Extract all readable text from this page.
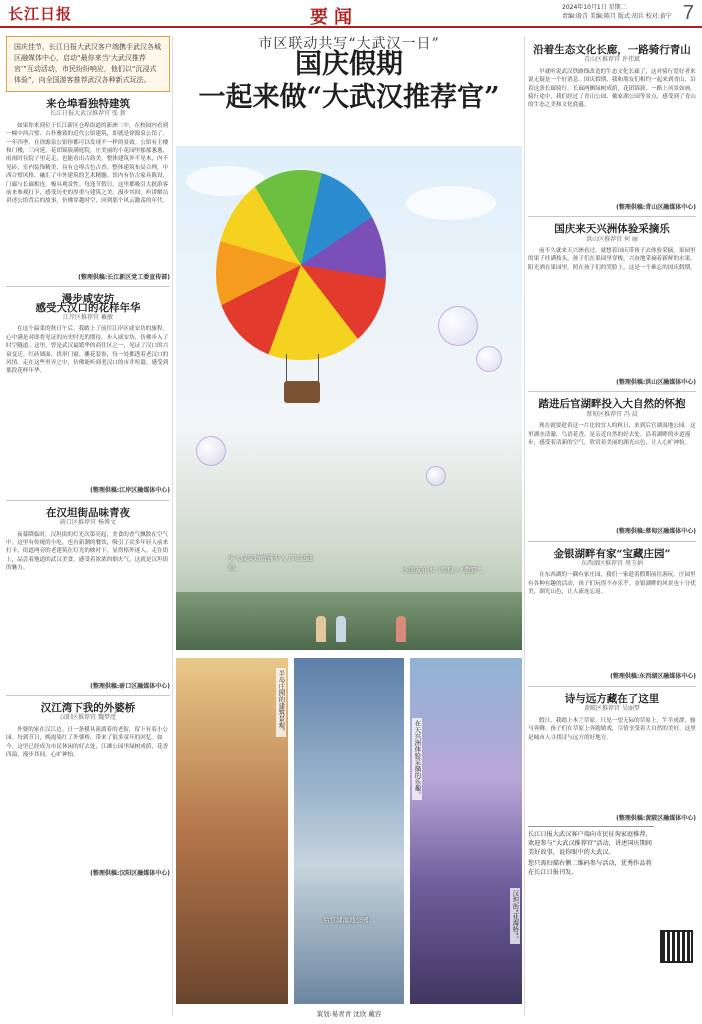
长江日报	要闻	2024年10月1日 星期二
责编:殷青 美编:陈月 版式:胡兵 校对:黄宁 7
国庆佳节，长江日报大武汉客户端携手武汉各城区融媒体中心，启动“最你来当‘大武汉推荐官’”互动活动，市民纷纷响应，他们以“沉浸式体验”，向全国游客推荐武汉各种新式玩法。
来仓埠看独特建筑
长江日报大武汉推荐官 张 新
如果你来到位于长江新区仓埠街道的新洲二中，在校园内看到一幢中西合璧、古朴雅致的近代公馆建筑，即就是徐源泉公馆了。一年四季，在徐源泉公馆你都可以发现不一样的景致。公馆有主楼和门楼，三向延，花团锦簇满庭院。庄美丽的小花园里郁郁葱葱，雨雨时在院子里走走，也能看出古韵美。整体建筑外不见木，内不见砖，室内装饰精美，具有仓埠古色古香。整体建筑布局合理，中西合璧风格，融汇了中外建筑的艺术精髓。馆内有仿古家具陈设，门廊与长廊相连，极具观赏性。每逢节假日，这里都吸引大批游客前来参观打卡，感受历史的厚重与建筑之美。漫步其间，听讲解员讲述公馆背后的故事，仿佛穿越时空，回到那个风云激荡的年代。
(整理供稿:长江新区党工委宣传部)
漫步咸安坊
感受大汉口的花样年华
江岸区推荐官 戴敏
在这个温柔的秋日午后，我踏上了前往江岸区咸安坊的旅程。心中满是对即将见证的历史时光的期待。步入咸安坊，仿佛步入了时空隧道。这里，曾是武汉最繁华的商住区之一，见证了汉口的兴衰变迁。红砖墙面、拱形门窗、雕花装饰，每一处都透着老汉口的风情。走在这些里弄之中，仿佛能听到老汉口的市井喧嚣，感受到那段花样年华。
(整理供稿:江岸区融媒体中心)
在汉坦街品味青夜
硚口区推荐官 杨博文
夜幕降临时，汉坦街的灯光次第亮起，美食的香气飘散在空气中。这里有传统的小吃，也有新潮的餐饮，吸引了众多年轻人前来打卡。街道两旁的老建筑在灯光的映衬下，显得格外迷人。走在街上，品尝着地道的武汉美食，感受着浓浓的烟火气，这就是汉坦街的魅力。
(整理供稿:硚口区融媒体中心)
汉江湾下我的外婆桥
汉阳区推荐官 魏梦滢
外婆的家在汉江边。日一条模具流淌着的老街，留下有着小公园。每到节日，晚霞染红了外婆桥，带来了很多童年的回忆。如今，这里已经成为市民休闲的好去处，江滩公园里绿树成荫，花香四溢，漫步其间，心旷神怡。
(整理供稿:汉阳区融媒体中心)
市区联动共写“大武汉一日”
国庆假期
一起来做“大武汉推荐官”
步入咸安坊仿佛步入了时空隧道。	小朋友在木兰草原上“撒野”。
半岛庄园的建筑景观。
后官湖湿地公园。
在天兴洲体验采摘的乐趣。
汉坦街“花海桥”。
策划:易青青 沈欣 戴容
沿着生态文化长廊，一路骑行青山
青山区推荐官 许伟斌
早就听说武汉铁路线改造的生态文化长廊了，这对骑行爱好者来说无疑是一个好消息。国庆假期，我和朋友们相约一起来到青山，沿着这条长廊骑行。长廊两侧绿树成荫，花团锦簇，一路上风景如画。骑行途中，我们经过了青山公园、戴家湖公园等景点，感受到了青山的生态之美和文化底蕴。
(整理供稿:青山区融媒体中心)
国庆来天兴洲体验采摘乐
洪山区推荐官 何 丽
前不久就来天兴洲看过，就想着国庆带孩子去体验采摘。果园里的果子挂满枝头，孩子们在果园里穿梭，兴奋地采摘着新鲜的水果。阳光洒在果园里，照在孩子们的笑脸上，这是一个难忘的国庆假期。
(整理供稿:洪山区融媒体中心)
踏进后官湖畔投入大自然的怀抱
蔡甸区推荐官 冯 晨
现在就要趁着这一片比较宜人的秋日，来到后官湖湿地公园。这里湖水清澈，鸟语花香，是亲近自然的好去处。沿着湖畔的步道漫步，感受着清新的空气，欣赏着美丽的湖光山色，让人心旷神怡。
(整理供稿:蔡甸区融媒体中心)
金银湖畔有家“宝藏庄园”
东西湖区推荐官 周玉娟
在东西湖的一隅有家庄园，我们一家趁着假期前往游玩。庄园里有各种有趣的活动，孩子们玩得不亦乐乎。金银湖畔的风景也十分优美，湖光山色，让人流连忘返。
(整理供稿:东西湖区融媒体中心)
诗与远方藏在了这里
黄陂区推荐官 吴丽梦
假日，我踏上木兰草原。只见一望无际的草原上，牛羊成群，骏马奔腾。孩子们在草原上奔跑嬉戏，尽情享受着大自然的美好。这里是城市人寻找诗与远方的好地方。
(整理供稿:黄陂区融媒体中心)
长江日报大武汉客户端向市民征询家庭推荐， 欢迎参与“大武汉推荐官”活动，讲述国庆期间美好故事，说你眼中的大武汉。
您只需扫描右侧二维码参与活动，优秀作品将在长江日报刊发。
